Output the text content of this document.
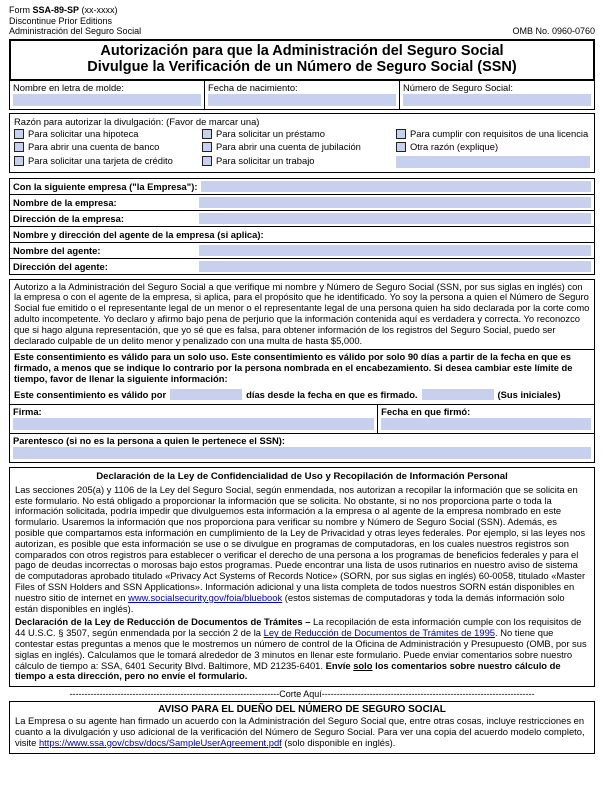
Form SSA-89-SP (xx-xxxx)
Discontinue Prior Editions
Administración del Seguro Social	OMB No. 0960-0760
Autorización para que la Administración del Seguro Social
Divulgue la Verificación de un Número de Seguro Social (SSN)
Nombre en letra de molde:	Fecha de nacimiento:	Número de Seguro Social:
Razón para autorizar la divulgación: (Favor de marcar una)
Para solicitar una hipoteca	Para solicitar un préstamo	Para cumplir con requisitos de una licencia
Para abrir una cuenta de banco	Para abrir una cuenta de jubilación	Otra razón (explique)
Para solicitar una tarjeta de crédito	Para solicitar un trabajo
Con la siguiente empresa ("la Empresa"):
Nombre de la empresa:
Dirección de la empresa:
Nombre y dirección del agente de la empresa (si aplica):
Nombre del agente:
Dirección del agente:
Autorizo a la Administración del Seguro Social a que verifique mi nombre y Número de Seguro Social (SSN, por sus siglas en inglés) con la empresa o con el agente de la empresa, si aplica, para el propósito que he identificado. Yo soy la persona a quien el Número de Seguro Social fue emitido o el representante legal de un menor o el representante legal de una persona quien ha sido declarada por la corte como adulto incompetente. Yo declaro y afirmo bajo pena de perjurio que la información contenida aquí es verdadera y correcta. Yo reconozco que si hago alguna representación, que yo sé que es falsa, para obtener información de los registros del Seguro Social, puedo ser declarado culpable de un delito menor y penalizado con una multa de hasta $5,000.
Este consentimiento es válido para un solo uso. Este consentimiento es válido por solo 90 días a partir de la fecha en que es firmado, a menos que se indique lo contrario por la persona nombrada en el encabezamiento. Si desea cambiar este límite de tiempo, favor de llenar la siguiente información:
Este consentimiento es válido por	días desde la fecha en que es firmado.	(Sus iniciales)
Firma:	Fecha en que firmó:
Parentesco (si no es la persona a quien le pertenece el SSN):
Declaración de la Ley de Confidencialidad de Uso y Recopilación de Información Personal
Las secciones 205(a) y 1106 de la Ley del Seguro Social, según enmendada, nos autorizan a recopilar la información que se solicita en este formulario. No está obligado a proporcionar la información que se solicita. No obstante, si no nos proporciona parte o toda la información solicitada, podría impedir que divulguemos esta información a la empresa o al agente de la empresa nombrado en este formulario. Usaremos la información que nos proporciona para verificar su nombre y Número de Seguro Social (SSN). Además, es posible que compartamos esta información en cumplimiento de la Ley de Privacidad y otras leyes federales. Por ejemplo, si las leyes nos autorizan, es posible que esta información se use o se divulgue en programas de computadoras, en los cuales nuestros registros son comparados con otros registros para establecer o verificar el derecho de una persona a los programas de beneficios federales y para el pago de deudas incorrectas o morosas bajo estos programas. Puede encontrar una lista de usos rutinarios en nuestro aviso de sistema de computadoras aprobado titulado «Privacy Act Systems of Records Notice» (SORN, por sus siglas en inglés) 60-0058, titulado «Master Files of SSN Holders and SSN Applications». Información adicional y una lista completa de todos nuestros SORN están disponibles en nuestro sitio de internet en www.socialsecurity.gov/foia/bluebook (estos sistemas de computadoras y toda la demás información solo están disponibles en inglés).
Declaración de la Ley de Reducción de Documentos de Trámites – La recopilación de esta información cumple con los requisitos de 44 U.S.C. § 3507, según enmendada por la sección 2 de la Ley de Reducción de Documentos de Trámites de 1995. No tiene que contestar estas preguntas a menos que le mostremos un número de control de la Oficina de Administración y Presupuesto (OMB, por sus siglas en inglés). Calculamos que le tomará alrededor de 3 minutos en llenar este formulario. Puede enviar comentarios sobre nuestro cálculo de tiempo a: SSA, 6401 Security Blvd. Baltimore, MD 21235-6401. Envíe solo los comentarios sobre nuestro cálculo de tiempo a esta dirección, pero no envíe el formulario.
----------------------------------------------------------------------Corte Aquí-----------------------------------------------------------------------
AVISO PARA EL DUEÑO DEL NÚMERO DE SEGURO SOCIAL
La Empresa o su agente han firmado un acuerdo con la Administración del Seguro Social que, entre otras cosas, incluye restricciones en cuanto a la divulgación y uso adicional de la verificación del Número de Seguro Social. Para ver una copia del acuerdo modelo completo, visite https://www.ssa.gov/cbsv/docs/SampleUserAgreement.pdf (solo disponible en inglés).
